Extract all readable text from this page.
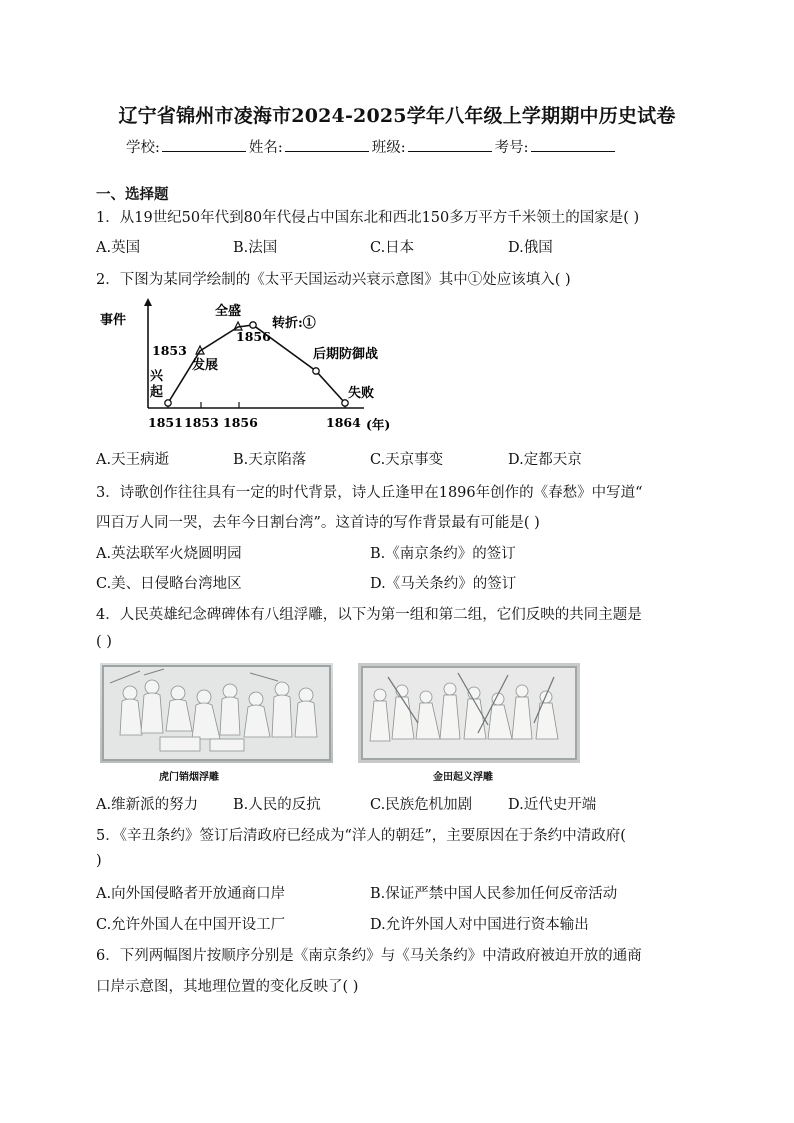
辽宁省锦州市凌海市2024-2025学年八年级上学期期中历史试卷
学校:	姓名:	班级:	考号:
一、选择题
1．从19世纪50年代到80年代侵占中国东北和西北150多万平方千米领土的国家是( )
A.英国	B.法国	C.日本	D.俄国
2．下图为某同学绘制的《太平天国运动兴衰示意图》其中①处应该填入( )
事件
1853
发展
全盛
1856
转折:①
后期防御战
失败
兴
起
1851 1853 1856	1864 (年)
A.天王病逝	B.天京陷落	C.天京事变	D.定都天京
3．诗歌创作往往具有一定的时代背景，诗人丘逢甲在1896年创作的《春愁》中写道“
四百万人同一哭，去年今日割台湾”。这首诗的写作背景最有可能是( )
A.英法联军火烧圆明园	B.《南京条约》的签订
C.美、日侵略台湾地区	D.《马关条约》的签订
4．人民英雄纪念碑碑体有八组浮雕，以下为第一组和第二组，它们反映的共同主题是
( )
虎门销烟浮雕	金田起义浮雕
A.维新派的努力 B.人民的反抗	C.民族危机加剧 D.近代史开端
5．《辛丑条约》签订后清政府已经成为“洋人的朝廷”，主要原因在于条约中清政府(
)
A.向外国侵略者开放通商口岸	B.保证严禁中国人民参加任何反帝活动
C.允许外国人在中国开设工厂	D.允许外国人对中国进行资本输出
6．下列两幅图片按顺序分别是《南京条约》与《马关条约》中清政府被迫开放的通商
口岸示意图，其地理位置的变化反映了( )
